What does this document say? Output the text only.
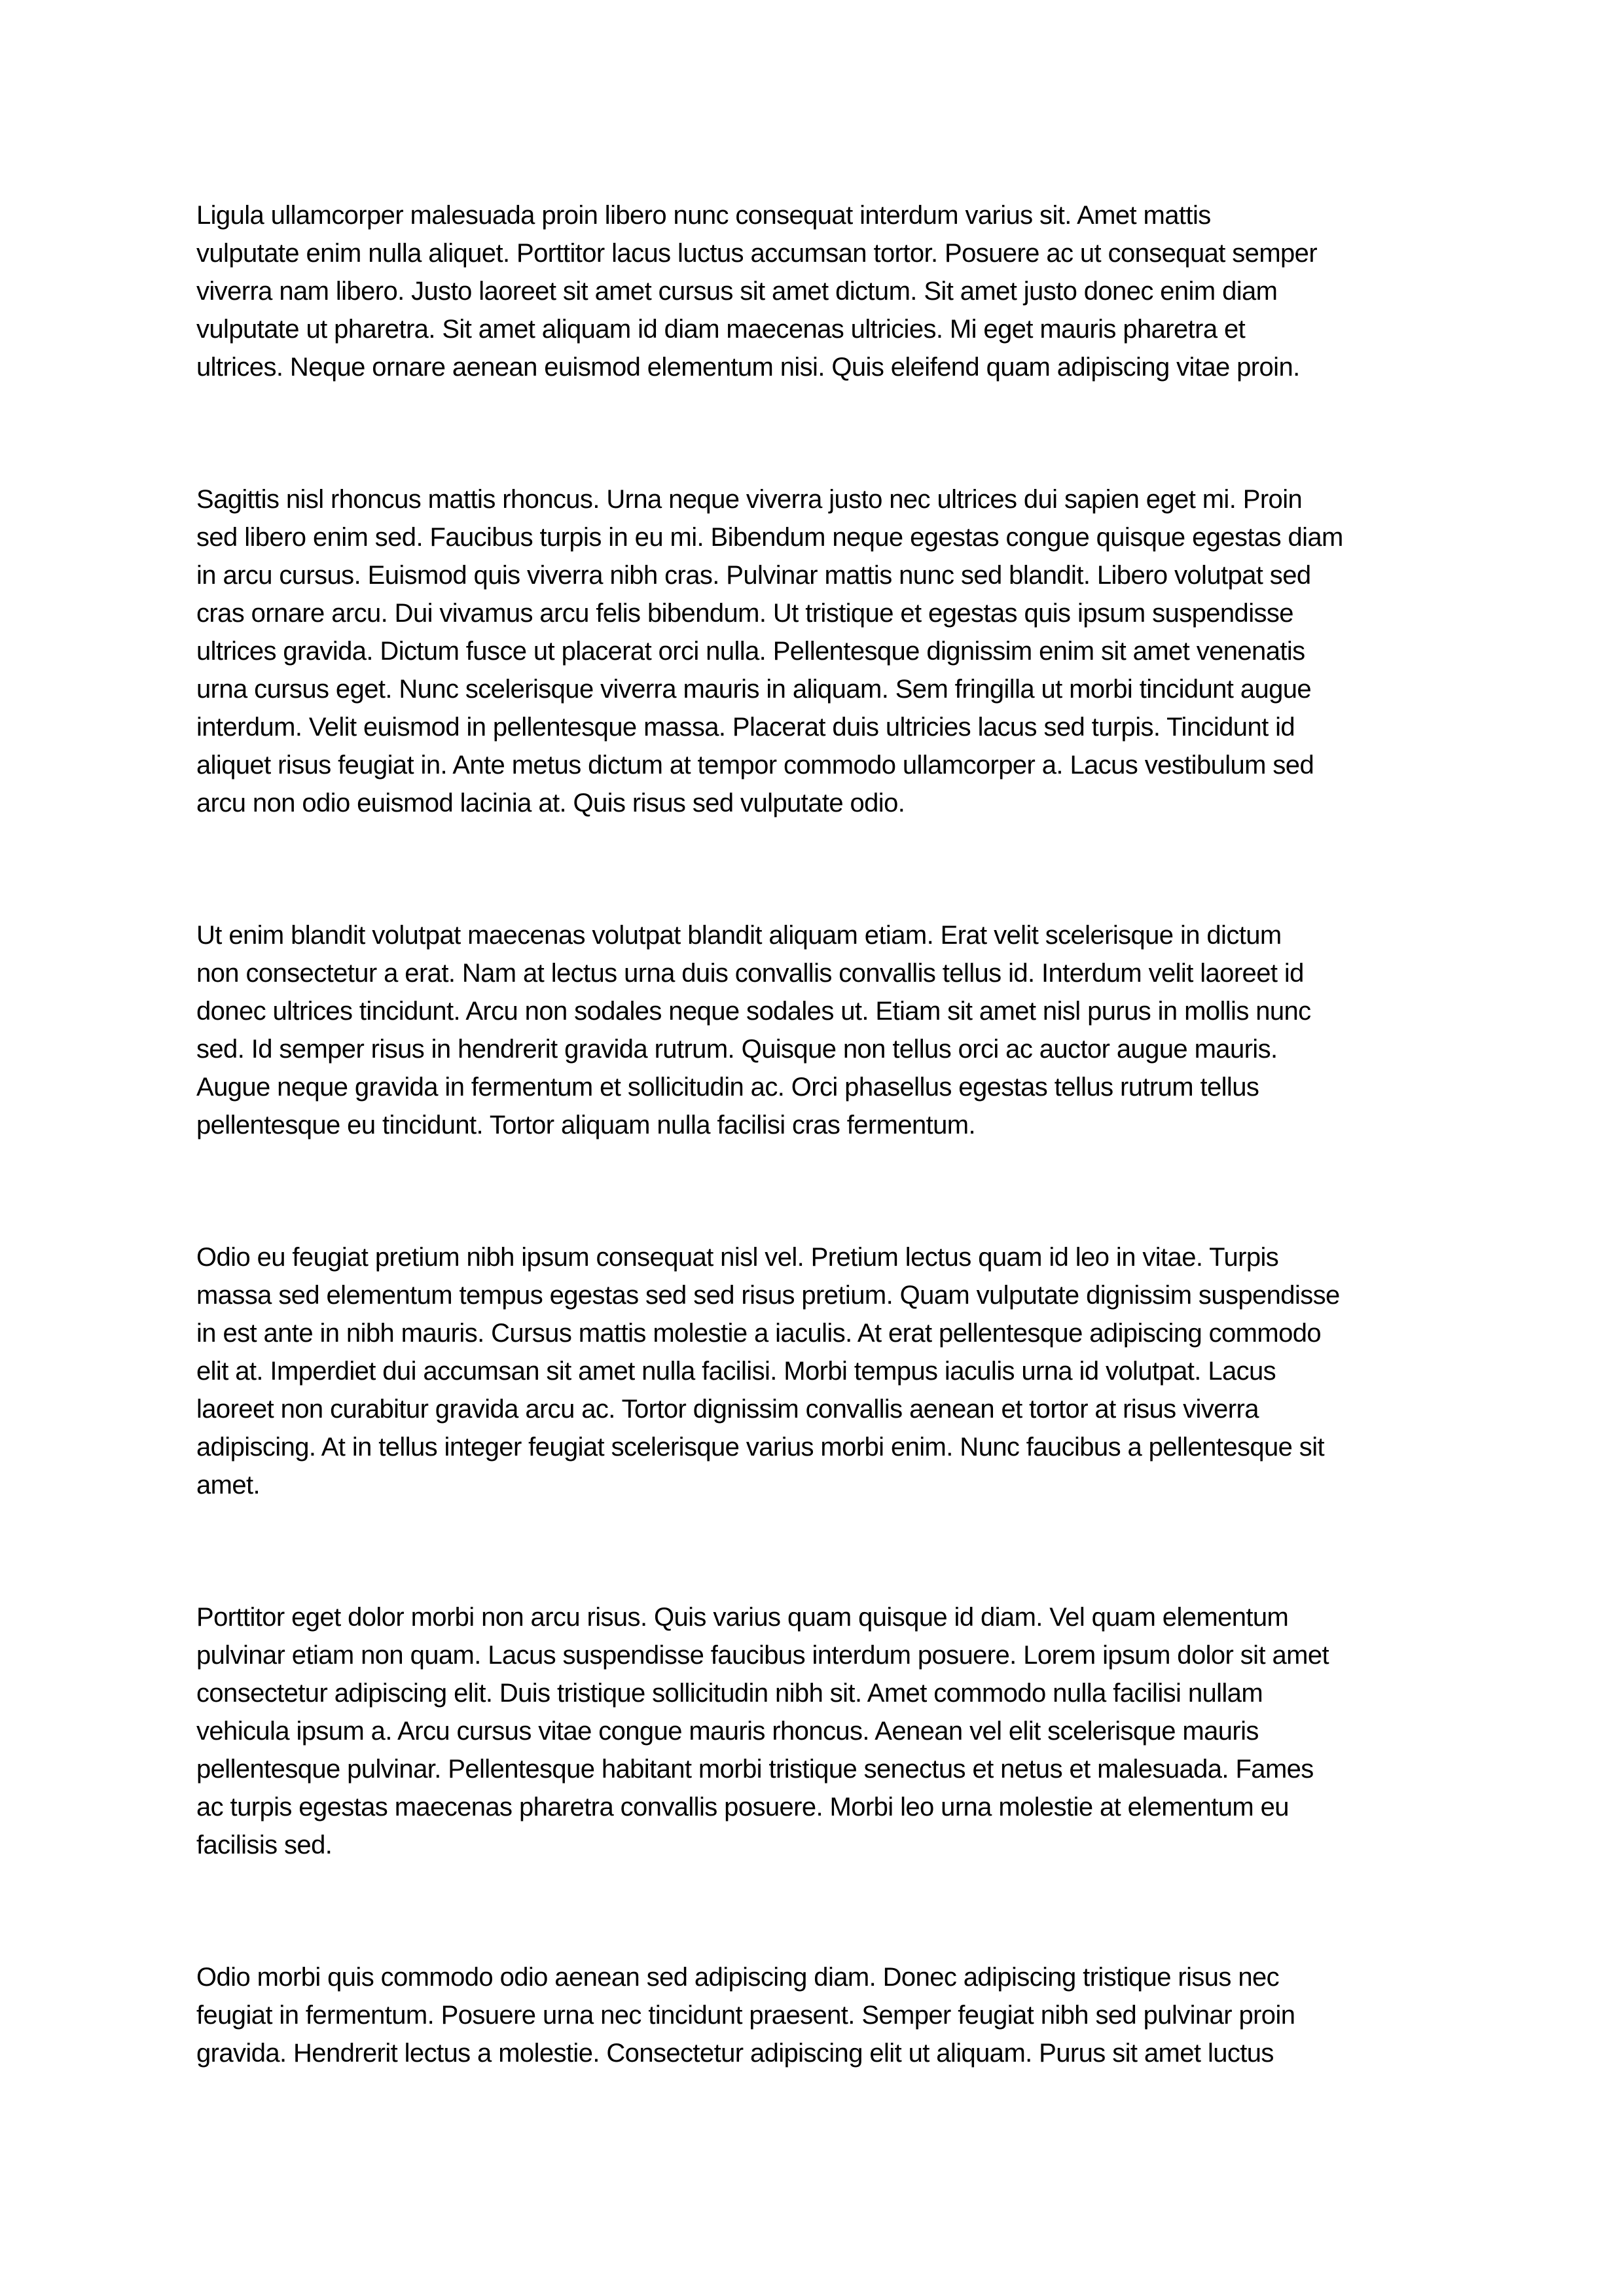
Ligula ullamcorper malesuada proin libero nunc consequat interdum varius sit. Amet mattis
vulputate enim nulla aliquet. Porttitor lacus luctus accumsan tortor. Posuere ac ut consequat semper
viverra nam libero. Justo laoreet sit amet cursus sit amet dictum. Sit amet justo donec enim diam
vulputate ut pharetra. Sit amet aliquam id diam maecenas ultricies. Mi eget mauris pharetra et
ultrices. Neque ornare aenean euismod elementum nisi. Quis eleifend quam adipiscing vitae proin.

Sagittis nisl rhoncus mattis rhoncus. Urna neque viverra justo nec ultrices dui sapien eget mi. Proin
sed libero enim sed. Faucibus turpis in eu mi. Bibendum neque egestas congue quisque egestas diam
in arcu cursus. Euismod quis viverra nibh cras. Pulvinar mattis nunc sed blandit. Libero volutpat sed
cras ornare arcu. Dui vivamus arcu felis bibendum. Ut tristique et egestas quis ipsum suspendisse
ultrices gravida. Dictum fusce ut placerat orci nulla. Pellentesque dignissim enim sit amet venenatis
urna cursus eget. Nunc scelerisque viverra mauris in aliquam. Sem fringilla ut morbi tincidunt augue
interdum. Velit euismod in pellentesque massa. Placerat duis ultricies lacus sed turpis. Tincidunt id
aliquet risus feugiat in. Ante metus dictum at tempor commodo ullamcorper a. Lacus vestibulum sed
arcu non odio euismod lacinia at. Quis risus sed vulputate odio.

Ut enim blandit volutpat maecenas volutpat blandit aliquam etiam. Erat velit scelerisque in dictum
non consectetur a erat. Nam at lectus urna duis convallis convallis tellus id. Interdum velit laoreet id
donec ultrices tincidunt. Arcu non sodales neque sodales ut. Etiam sit amet nisl purus in mollis nunc
sed. Id semper risus in hendrerit gravida rutrum. Quisque non tellus orci ac auctor augue mauris.
Augue neque gravida in fermentum et sollicitudin ac. Orci phasellus egestas tellus rutrum tellus
pellentesque eu tincidunt. Tortor aliquam nulla facilisi cras fermentum.

Odio eu feugiat pretium nibh ipsum consequat nisl vel. Pretium lectus quam id leo in vitae. Turpis
massa sed elementum tempus egestas sed sed risus pretium. Quam vulputate dignissim suspendisse
in est ante in nibh mauris. Cursus mattis molestie a iaculis. At erat pellentesque adipiscing commodo
elit at. Imperdiet dui accumsan sit amet nulla facilisi. Morbi tempus iaculis urna id volutpat. Lacus
laoreet non curabitur gravida arcu ac. Tortor dignissim convallis aenean et tortor at risus viverra
adipiscing. At in tellus integer feugiat scelerisque varius morbi enim. Nunc faucibus a pellentesque sit
amet.

Porttitor eget dolor morbi non arcu risus. Quis varius quam quisque id diam. Vel quam elementum
pulvinar etiam non quam. Lacus suspendisse faucibus interdum posuere. Lorem ipsum dolor sit amet
consectetur adipiscing elit. Duis tristique sollicitudin nibh sit. Amet commodo nulla facilisi nullam
vehicula ipsum a. Arcu cursus vitae congue mauris rhoncus. Aenean vel elit scelerisque mauris
pellentesque pulvinar. Pellentesque habitant morbi tristique senectus et netus et malesuada. Fames
ac turpis egestas maecenas pharetra convallis posuere. Morbi leo urna molestie at elementum eu
facilisis sed.

Odio morbi quis commodo odio aenean sed adipiscing diam. Donec adipiscing tristique risus nec
feugiat in fermentum. Posuere urna nec tincidunt praesent. Semper feugiat nibh sed pulvinar proin
gravida. Hendrerit lectus a molestie. Consectetur adipiscing elit ut aliquam. Purus sit amet luctus
